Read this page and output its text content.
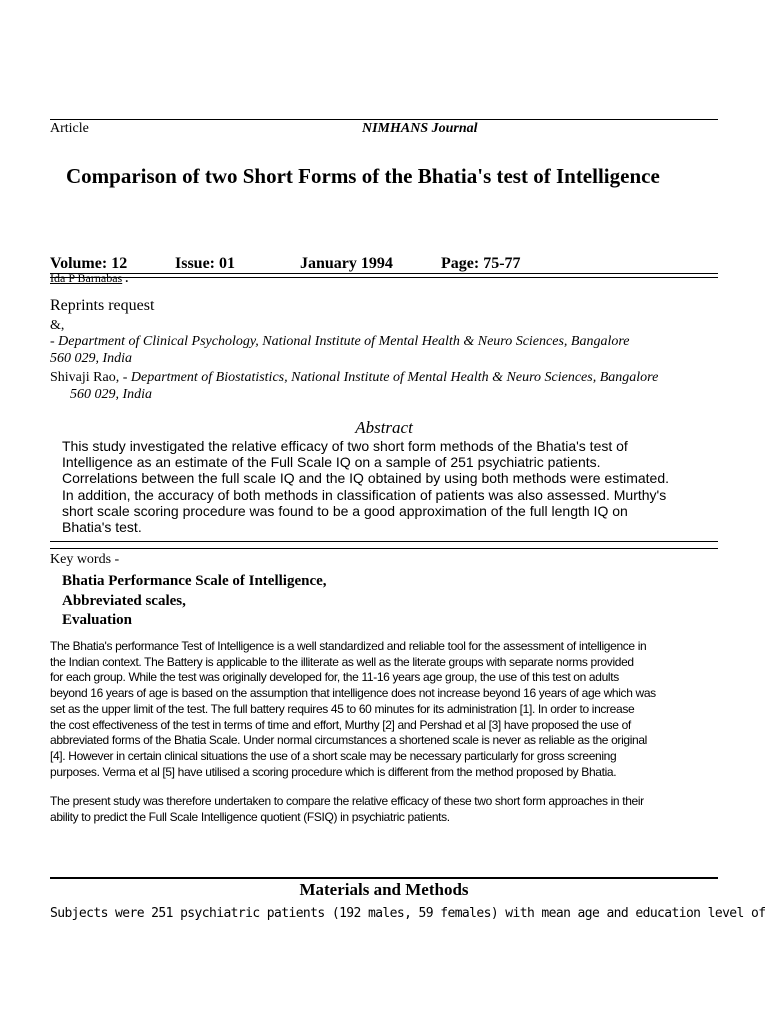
Article	NIMHANS Journal
Comparison of two Short Forms of the Bhatia's test of Intelligence
Volume: 12	Issue: 01	January 1994	Page: 75-77
Ida P Barnabas .
Reprints request
&,
- Department of Clinical Psychology, National Institute of Mental Health & Neuro Sciences, Bangalore
560 029, India
Shivaji Rao, - Department of Biostatistics, National Institute of Mental Health & Neuro Sciences, Bangalore
560 029, India
Abstract

This study investigated the relative efficacy of two short form methods of the Bhatia's test of

Intelligence as an estimate of the Full Scale IQ on a sample of 251 psychiatric patients.

Correlations between the full scale IQ and the IQ obtained by using both methods were estimated.

In addition, the accuracy of both methods in classification of patients was also assessed. Murthy's

short scale scoring procedure was found to be a good approximation of the full length IQ on

Bhatia's test.

Key words -

Bhatia Performance Scale of Intelligence,

Abbreviated scales,

Evaluation

The Bhatia's performance Test of Intelligence is a well standardized and reliable tool for the assessment of intelligence in

the Indian context. The Battery is applicable to the illiterate as well as the literate groups with separate norms provided

for each group. While the test was originally developed for, the 11-16 years age group, the use of this test on adults

beyond 16 years of age is based on the assumption that intelligence does not increase beyond 16 years of age which was

set as the upper limit of the test. The full battery requires 45 to 60 minutes for its administration [1]. In order to increase

the cost effectiveness of the test in terms of time and effort, Murthy [2] and Pershad et al [3] have proposed the use of

abbreviated forms of the Bhatia Scale. Under normal circumstances a shortened scale is never as reliable as the original

[4]. However in certain clinical situations the use of a short scale may be necessary particularly for gross screening

purposes. Verma et al [5] have utilised a scoring procedure which is different from the method proposed by Bhatia.

The present study was therefore undertaken to compare the relative efficacy of these two short form approaches in their

ability to predict the Full Scale Intelligence quotient (FSIQ) in psychiatric patients.

Materials and Methods
Subjects were 251 psychiatric patients (192 males, 59 females) with mean age and education level of
